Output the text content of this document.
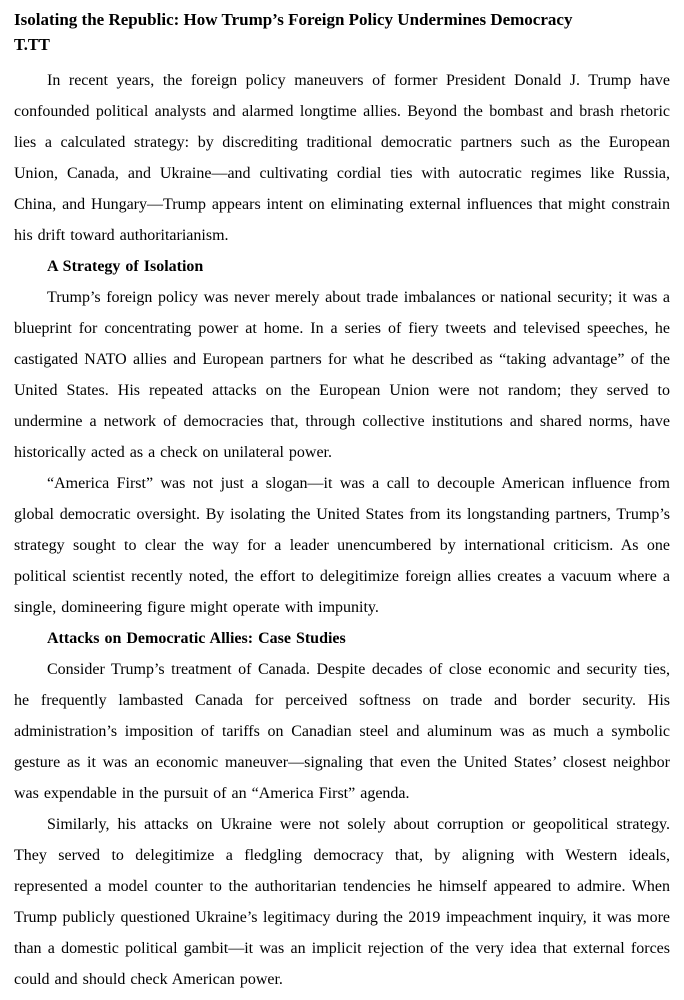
Isolating the Republic: How Trump’s Foreign Policy Undermines Democracy
T.TT

In recent years, the foreign policy maneuvers of former President Donald J. Trump have confounded political analysts and alarmed longtime allies. Beyond the bombast and brash rhetoric lies a calculated strategy: by discrediting traditional democratic partners such as the European Union, Canada, and Ukraine—and cultivating cordial ties with autocratic regimes like Russia, China, and Hungary—Trump appears intent on eliminating external influences that might constrain his drift toward authoritarianism.

A Strategy of Isolation

Trump’s foreign policy was never merely about trade imbalances or national security; it was a blueprint for concentrating power at home. In a series of fiery tweets and televised speeches, he castigated NATO allies and European partners for what he described as “taking advantage” of the United States. His repeated attacks on the European Union were not random; they served to undermine a network of democracies that, through collective institutions and shared norms, have historically acted as a check on unilateral power.

“America First” was not just a slogan—it was a call to decouple American influence from global democratic oversight. By isolating the United States from its longstanding partners, Trump’s strategy sought to clear the way for a leader unencumbered by international criticism. As one political scientist recently noted, the effort to delegitimize foreign allies creates a vacuum where a single, domineering figure might operate with impunity.

Attacks on Democratic Allies: Case Studies

Consider Trump’s treatment of Canada. Despite decades of close economic and security ties, he frequently lambasted Canada for perceived softness on trade and border security. His administration’s imposition of tariffs on Canadian steel and aluminum was as much a symbolic gesture as it was an economic maneuver—signaling that even the United States’ closest neighbor was expendable in the pursuit of an “America First” agenda.

Similarly, his attacks on Ukraine were not solely about corruption or geopolitical strategy. They served to delegitimize a fledgling democracy that, by aligning with Western ideals, represented a model counter to the authoritarian tendencies he himself appeared to admire. When Trump publicly questioned Ukraine’s legitimacy during the 2019 impeachment inquiry, it was more than a domestic political gambit—it was an implicit rejection of the very idea that external forces could and should check American power.
